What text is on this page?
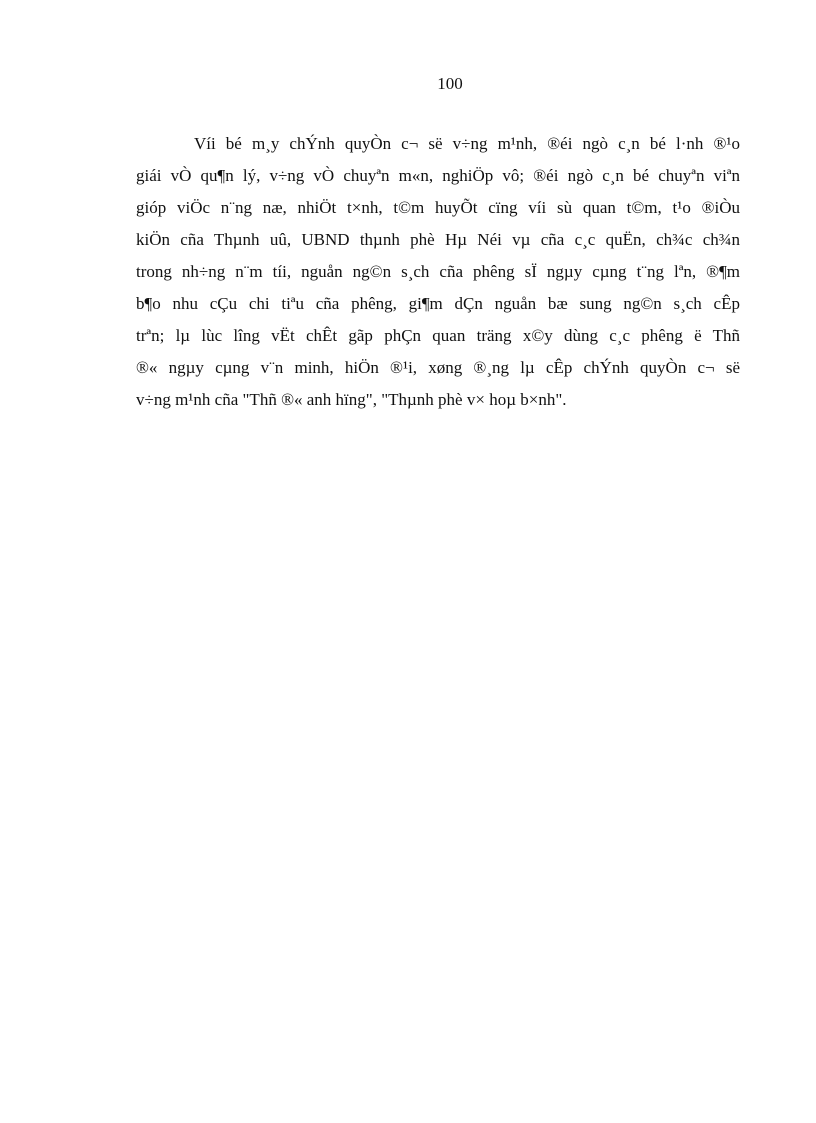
100
Víi bé m¸y chÝnh quyÒn c¬ së v÷ng m¹nh, ®éi ngò c¸n bé l·nh ®¹o
giái vÒ qu¶n lý, v÷ng vÒ chuyªn m«n, nghiÖp vô; ®éi ngò c¸n bé chuyªn viªn
gióp viÖc n¨ng næ, nhiÖt t×nh, t©m huyÕt cïng víi sù quan t©m, t¹o ®iÒu
kiÖn cña Thµnh uû, UBND thµnh phè Hµ Néi vµ cña c¸c quËn, ch¾c ch¾n
trong nh÷ng n¨m tíi, nguån ng©n s¸ch cña phêng sÏ ngµy cµng t¨ng lªn, ®¶m
b¶o nhu cÇu chi tiªu cña phêng, gi¶m dÇn nguån bæ sung ng©n s¸ch cÊp
trªn; lµ lùc lîng vËt chÊt gãp phÇn quan träng x©y dùng c¸c phêng ë Thñ
®« ngµy cµng v¨n minh, hiÖn ®¹i, xøng ®¸ng lµ cÊp chÝnh quyÒn c¬ së
v÷ng m¹nh cña "Thñ ®« anh hïng", "Thµnh phè v× hoµ b×nh".
